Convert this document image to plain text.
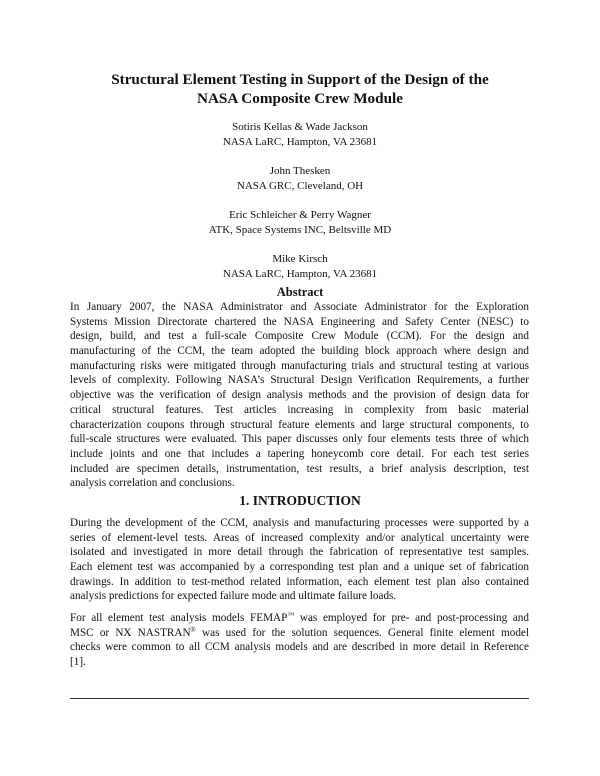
Structural Element Testing in Support of the Design of the
NASA Composite Crew Module
Sotiris Kellas & Wade Jackson
NASA LaRC, Hampton, VA 23681
John Thesken
NASA GRC, Cleveland, OH
Eric Schleicher & Perry Wagner
ATK, Space Systems INC, Beltsville MD
Mike Kirsch
NASA LaRC, Hampton, VA 23681
Abstract
In January 2007, the NASA Administrator and Associate Administrator for the Exploration
Systems Mission Directorate chartered the NASA Engineering and Safety Center (NESC) to
design, build, and test a full-scale Composite Crew Module (CCM). For the design and
manufacturing of the CCM, the team adopted the building block approach where design and
manufacturing risks were mitigated through manufacturing trials and structural testing at various
levels of complexity. Following NASA’s Structural Design Verification Requirements, a further
objective was the verification of design analysis methods and the provision of design data for
critical structural features. Test articles increasing in complexity from basic material
characterization coupons through structural feature elements and large structural components, to
full-scale structures were evaluated. This paper discusses only four elements tests three of which
include joints and one that includes a tapering honeycomb core detail. For each test series
included are specimen details, instrumentation, test results, a brief analysis description, test
analysis correlation and conclusions.
1. INTRODUCTION
During the development of the CCM, analysis and manufacturing processes were supported by a
series of element-level tests. Areas of increased complexity and/or analytical uncertainty were
isolated and investigated in more detail through the fabrication of representative test samples.
Each element test was accompanied by a corresponding test plan and a unique set of fabrication
drawings. In addition to test-method related information, each element test plan also contained
analysis predictions for expected failure mode and ultimate failure loads.
For all element test analysis models FEMAP™ was employed for pre- and post-processing and
MSC or NX NASTRAN® was used for the solution sequences. General finite element model
checks were common to all CCM analysis models and are described in more detail in Reference
[1].
